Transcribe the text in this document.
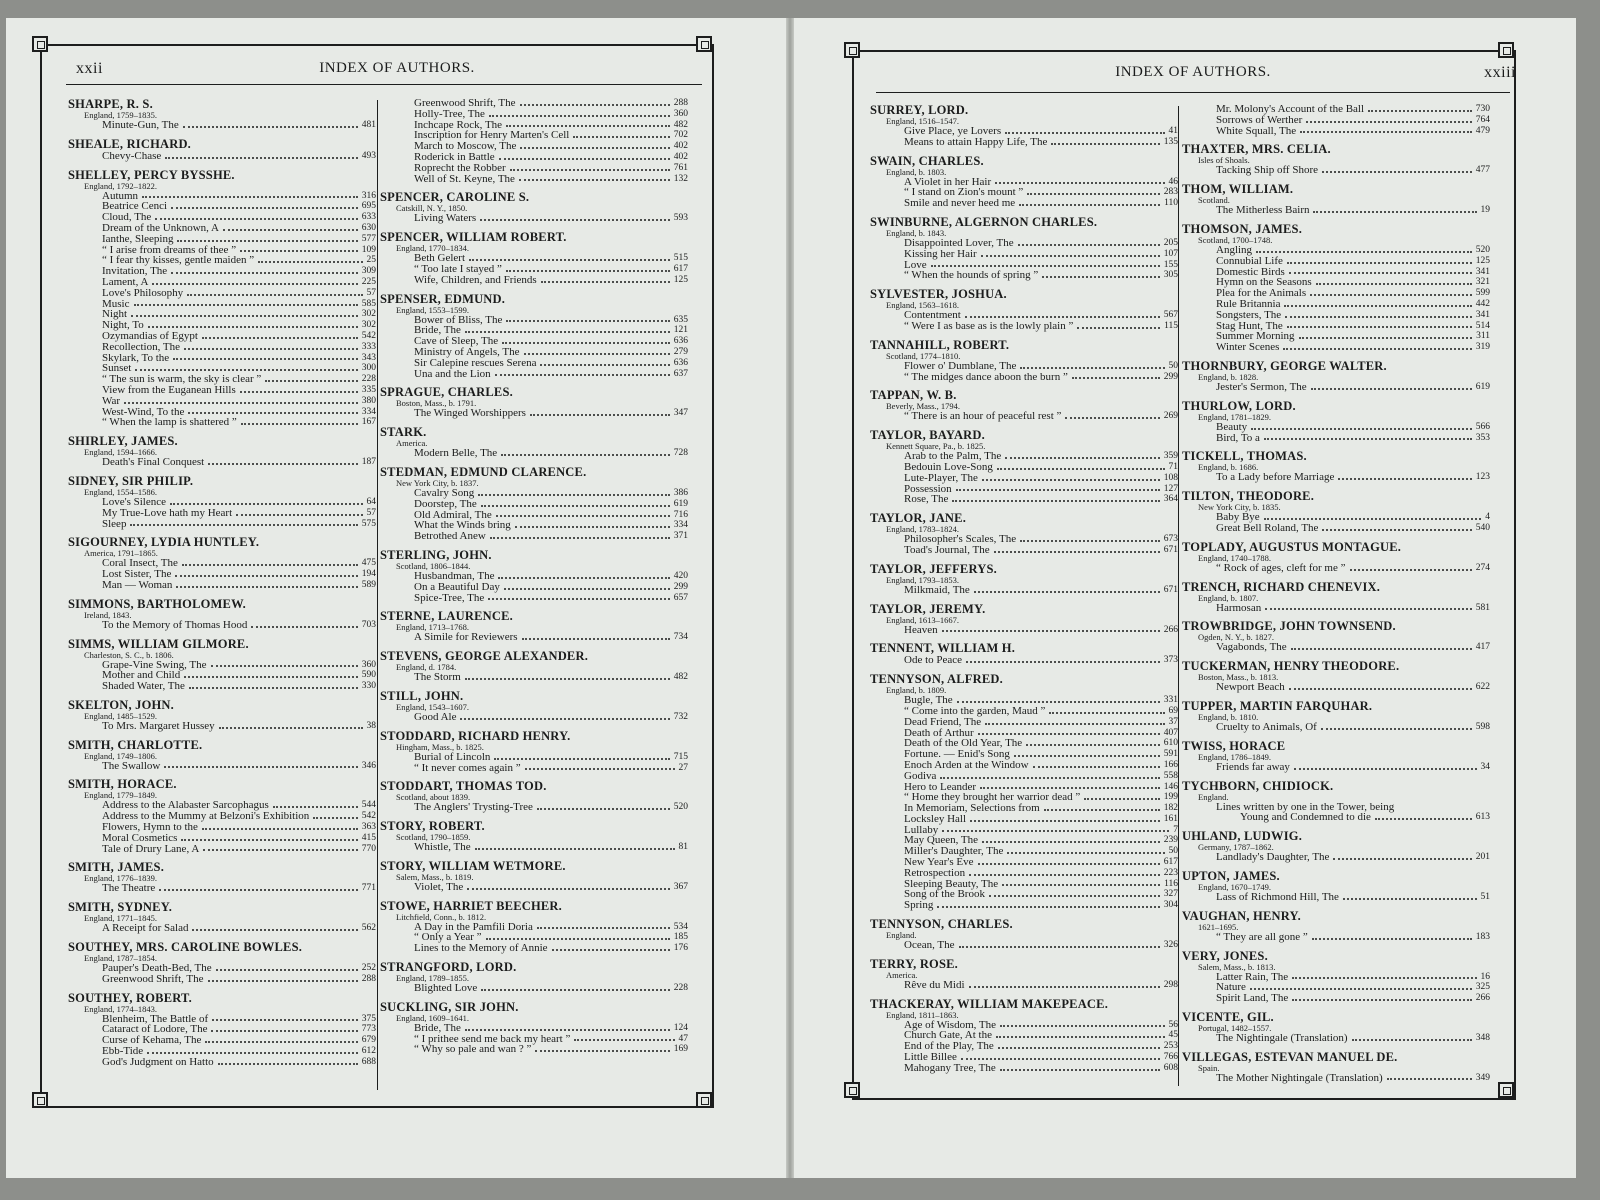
xxii	INDEX OF AUTHORS.
SHARPE, R. S.
England, 1759–1835.
Minute-Gun, The	481
SHEALE, RICHARD.
Chevy-Chase	493
SHELLEY, PERCY BYSSHE.
England, 1792–1822.
Autumn	316
Beatrice Cenci	695
Cloud, The	633
Dream of the Unknown, A	630
Ianthe, Sleeping	577
“ I arise from dreams of thee ”	109
“ I fear thy kisses, gentle maiden ”	25
Invitation, The	309
Lament, A	225
Love's Philosophy	57
Music	585
Night	302
Night, To	302
Ozymandias of Egypt	542
Recollection, The	333
Skylark, To the	343
Sunset	300
“ The sun is warm, the sky is clear ”	228
View from the Euganean Hills	335
War	380
West-Wind, To the	334
“ When the lamp is shattered ”	167
SHIRLEY, JAMES.
England, 1594–1666.
Death's Final Conquest	187
SIDNEY, SIR PHILIP.
England, 1554–1586.
Love's Silence	64
My True-Love hath my Heart	57
Sleep	575
SIGOURNEY, LYDIA HUNTLEY.
America, 1791–1865.
Coral Insect, The	475
Lost Sister, The	194
Man — Woman	589
SIMMONS, BARTHOLOMEW.
Ireland, 1843.
To the Memory of Thomas Hood	703
SIMMS, WILLIAM GILMORE.
Charleston, S. C., b. 1806.
Grape-Vine Swing, The	360
Mother and Child	590
Shaded Water, The	330
SKELTON, JOHN.
England, 1485–1529.
To Mrs. Margaret Hussey	38
SMITH, CHARLOTTE.
England, 1749–1806.
The Swallow	346
SMITH, HORACE.
England, 1779–1849.
Address to the Alabaster Sarcophagus	544
Address to the Mummy at Belzoni's Exhibition	542
Flowers, Hymn to the	363
Moral Cosmetics	415
Tale of Drury Lane, A	770
SMITH, JAMES.
England, 1776–1839.
The Theatre	771
SMITH, SYDNEY.
England, 1771–1845.
A Receipt for Salad	562
SOUTHEY, MRS. CAROLINE BOWLES.
England, 1787–1854.
Pauper's Death-Bed, The	252
Greenwood Shrift, The	288
SOUTHEY, ROBERT.
England, 1774–1843.
Blenheim, The Battle of	375
Cataract of Lodore, The	773
Curse of Kehama, The	679
Ebb-Tide	612
God's Judgment on Hatto	688
Greenwood Shrift, The	288
Holly-Tree, The	360
Inchcape Rock, The	482
Inscription for Henry Marten's Cell	702
March to Moscow, The	402
Roderick in Battle	402
Roprecht the Robber	761
Well of St. Keyne, The	132
SPENCER, CAROLINE S.
Catskill, N. Y., 1850.
Living Waters	593
SPENCER, WILLIAM ROBERT.
England, 1770–1834.
Beth Gelert	515
“ Too late I stayed ”	617
Wife, Children, and Friends	125
SPENSER, EDMUND.
England, 1553–1599.
Bower of Bliss, The	635
Bride, The	121
Cave of Sleep, The	636
Ministry of Angels, The	279
Sir Calepine rescues Serena	636
Una and the Lion	637
SPRAGUE, CHARLES.
Boston, Mass., b. 1791.
The Winged Worshippers	347
STARK.
America.
Modern Belle, The	728
STEDMAN, EDMUND CLARENCE.
New York City, b. 1837.
Cavalry Song	386
Doorstep, The	619
Old Admiral, The	716
What the Winds bring	334
Betrothed Anew	371
STERLING, JOHN.
Scotland, 1806–1844.
Husbandman, The	420
On a Beautiful Day	299
Spice-Tree, The	657
STERNE, LAURENCE.
England, 1713–1768.
A Simile for Reviewers	734
STEVENS, GEORGE ALEXANDER.
England, d. 1784.
The Storm	482
STILL, JOHN.
England, 1543–1607.
Good Ale	732
STODDARD, RICHARD HENRY.
Hingham, Mass., b. 1825.
Burial of Lincoln	715
“ It never comes again ”	27
STODDART, THOMAS TOD.
Scotland, about 1839.
The Anglers' Trysting-Tree	520
STORY, ROBERT.
Scotland, 1790–1859.
Whistle, The	81
STORY, WILLIAM WETMORE.
Salem, Mass., b. 1819.
Violet, The	367
STOWE, HARRIET BEECHER.
Litchfield, Conn., b. 1812.
A Day in the Pamfili Doria	534
“ Only a Year ”	185
Lines to the Memory of Annie	176
STRANGFORD, LORD.
England, 1789–1855.
Blighted Love	228
SUCKLING, SIR JOHN.
England, 1609–1641.
Bride, The	124
“ I prithee send me back my heart ”	47
“ Why so pale and wan ? ”	169
INDEX OF AUTHORS.	xxiii
SURREY, LORD.
England, 1516–1547.
Give Place, ye Lovers	41
Means to attain Happy Life, The	135
SWAIN, CHARLES.
England, b. 1803.
A Violet in her Hair	46
“ I stand on Zion's mount ”	283
Smile and never heed me	110
SWINBURNE, ALGERNON CHARLES.
England, b. 1843.
Disappointed Lover, The	205
Kissing her Hair	107
Love	155
“ When the hounds of spring ”	305
SYLVESTER, JOSHUA.
England, 1563–1618.
Contentment	567
“ Were I as base as is the lowly plain ”	115
TANNAHILL, ROBERT.
Scotland, 1774–1810.
Flower o' Dumblane, The	50
“ The midges dance aboon the burn ”	299
TAPPAN, W. B.
Beverly, Mass., 1794.
“ There is an hour of peaceful rest ”	269
TAYLOR, BAYARD.
Kennett Square, Pa., b. 1825.
Arab to the Palm, The	359
Bedouin Love-Song	71
Lute-Player, The	108
Possession	127
Rose, The	364
TAYLOR, JANE.
England, 1783–1824.
Philosopher's Scales, The	673
Toad's Journal, The	671
TAYLOR, JEFFERYS.
England, 1793–1853.
Milkmaid, The	671
TAYLOR, JEREMY.
England, 1613–1667.
Heaven	266
TENNENT, WILLIAM H.
Ode to Peace	373
TENNYSON, ALFRED.
England, b. 1809.
Bugle, The	331
“ Come into the garden, Maud ”	69
Dead Friend, The	37
Death of Arthur	407
Death of the Old Year, The	610
Fortune. — Enid's Song	591
Enoch Arden at the Window	166
Godiva	558
Hero to Leander	146
“ Home they brought her warrior dead ”	199
In Memoriam, Selections from	182
Locksley Hall	161
Lullaby	7
May Queen, The	239
Miller's Daughter, The	50
New Year's Eve	617
Retrospection	223
Sleeping Beauty, The	116
Song of the Brook	327
Spring	304
TENNYSON, CHARLES.
England.
Ocean, The	326
TERRY, ROSE.
America.
Rêve du Midi	298
THACKERAY, WILLIAM MAKEPEACE.
England, 1811–1863.
Age of Wisdom, The	56
Church Gate, At the	45
End of the Play, The	253
Little Billee	766
Mahogany Tree, The	608
Mr. Molony's Account of the Ball	730
Sorrows of Werther	764
White Squall, The	479
THAXTER, MRS. CELIA.
Isles of Shoals.
Tacking Ship off Shore	477
THOM, WILLIAM.
Scotland.
The Mitherless Bairn	19
THOMSON, JAMES.
Scotland, 1700–1748.
Angling	520
Connubial Life	125
Domestic Birds	341
Hymn on the Seasons	321
Plea for the Animals	599
Rule Britannia	442
Songsters, The	341
Stag Hunt, The	514
Summer Morning	311
Winter Scenes	319
THORNBURY, GEORGE WALTER.
England, b. 1828.
Jester's Sermon, The	619
THURLOW, LORD.
England, 1781–1829.
Beauty	566
Bird, To a	353
TICKELL, THOMAS.
England, b. 1686.
To a Lady before Marriage	123
TILTON, THEODORE.
New York City, b. 1835.
Baby Bye	4
Great Bell Roland, The	540
TOPLADY, AUGUSTUS MONTAGUE.
England, 1740–1788.
“ Rock of ages, cleft for me ”	274
TRENCH, RICHARD CHENEVIX.
England, b. 1807.
Harmosan	581
TROWBRIDGE, JOHN TOWNSEND.
Ogden, N. Y., b. 1827.
Vagabonds, The	417
TUCKERMAN, HENRY THEODORE.
Boston, Mass., b. 1813.
Newport Beach	622
TUPPER, MARTIN FARQUHAR.
England, b. 1810.
Cruelty to Animals, Of	598
TWISS, HORACE
England, 1786–1849.
Friends far away	34
TYCHBORN, CHIDIOCK.
England.
Lines written by one in the Tower, being
Young and Condemned to die	613
UHLAND, LUDWIG.
Germany, 1787–1862.
Landlady's Daughter, The	201
UPTON, JAMES.
England, 1670–1749.
Lass of Richmond Hill, The	51
VAUGHAN, HENRY.
1621–1695.
“ They are all gone ”	183
VERY, JONES.
Salem, Mass., b. 1813.
Latter Rain, The	16
Nature	325
Spirit Land, The	266
VICENTE, GIL.
Portugal, 1482–1557.
The Nightingale (Translation)	348
VILLEGAS, ESTEVAN MANUEL DE.
Spain.
The Mother Nightingale (Translation)	349
